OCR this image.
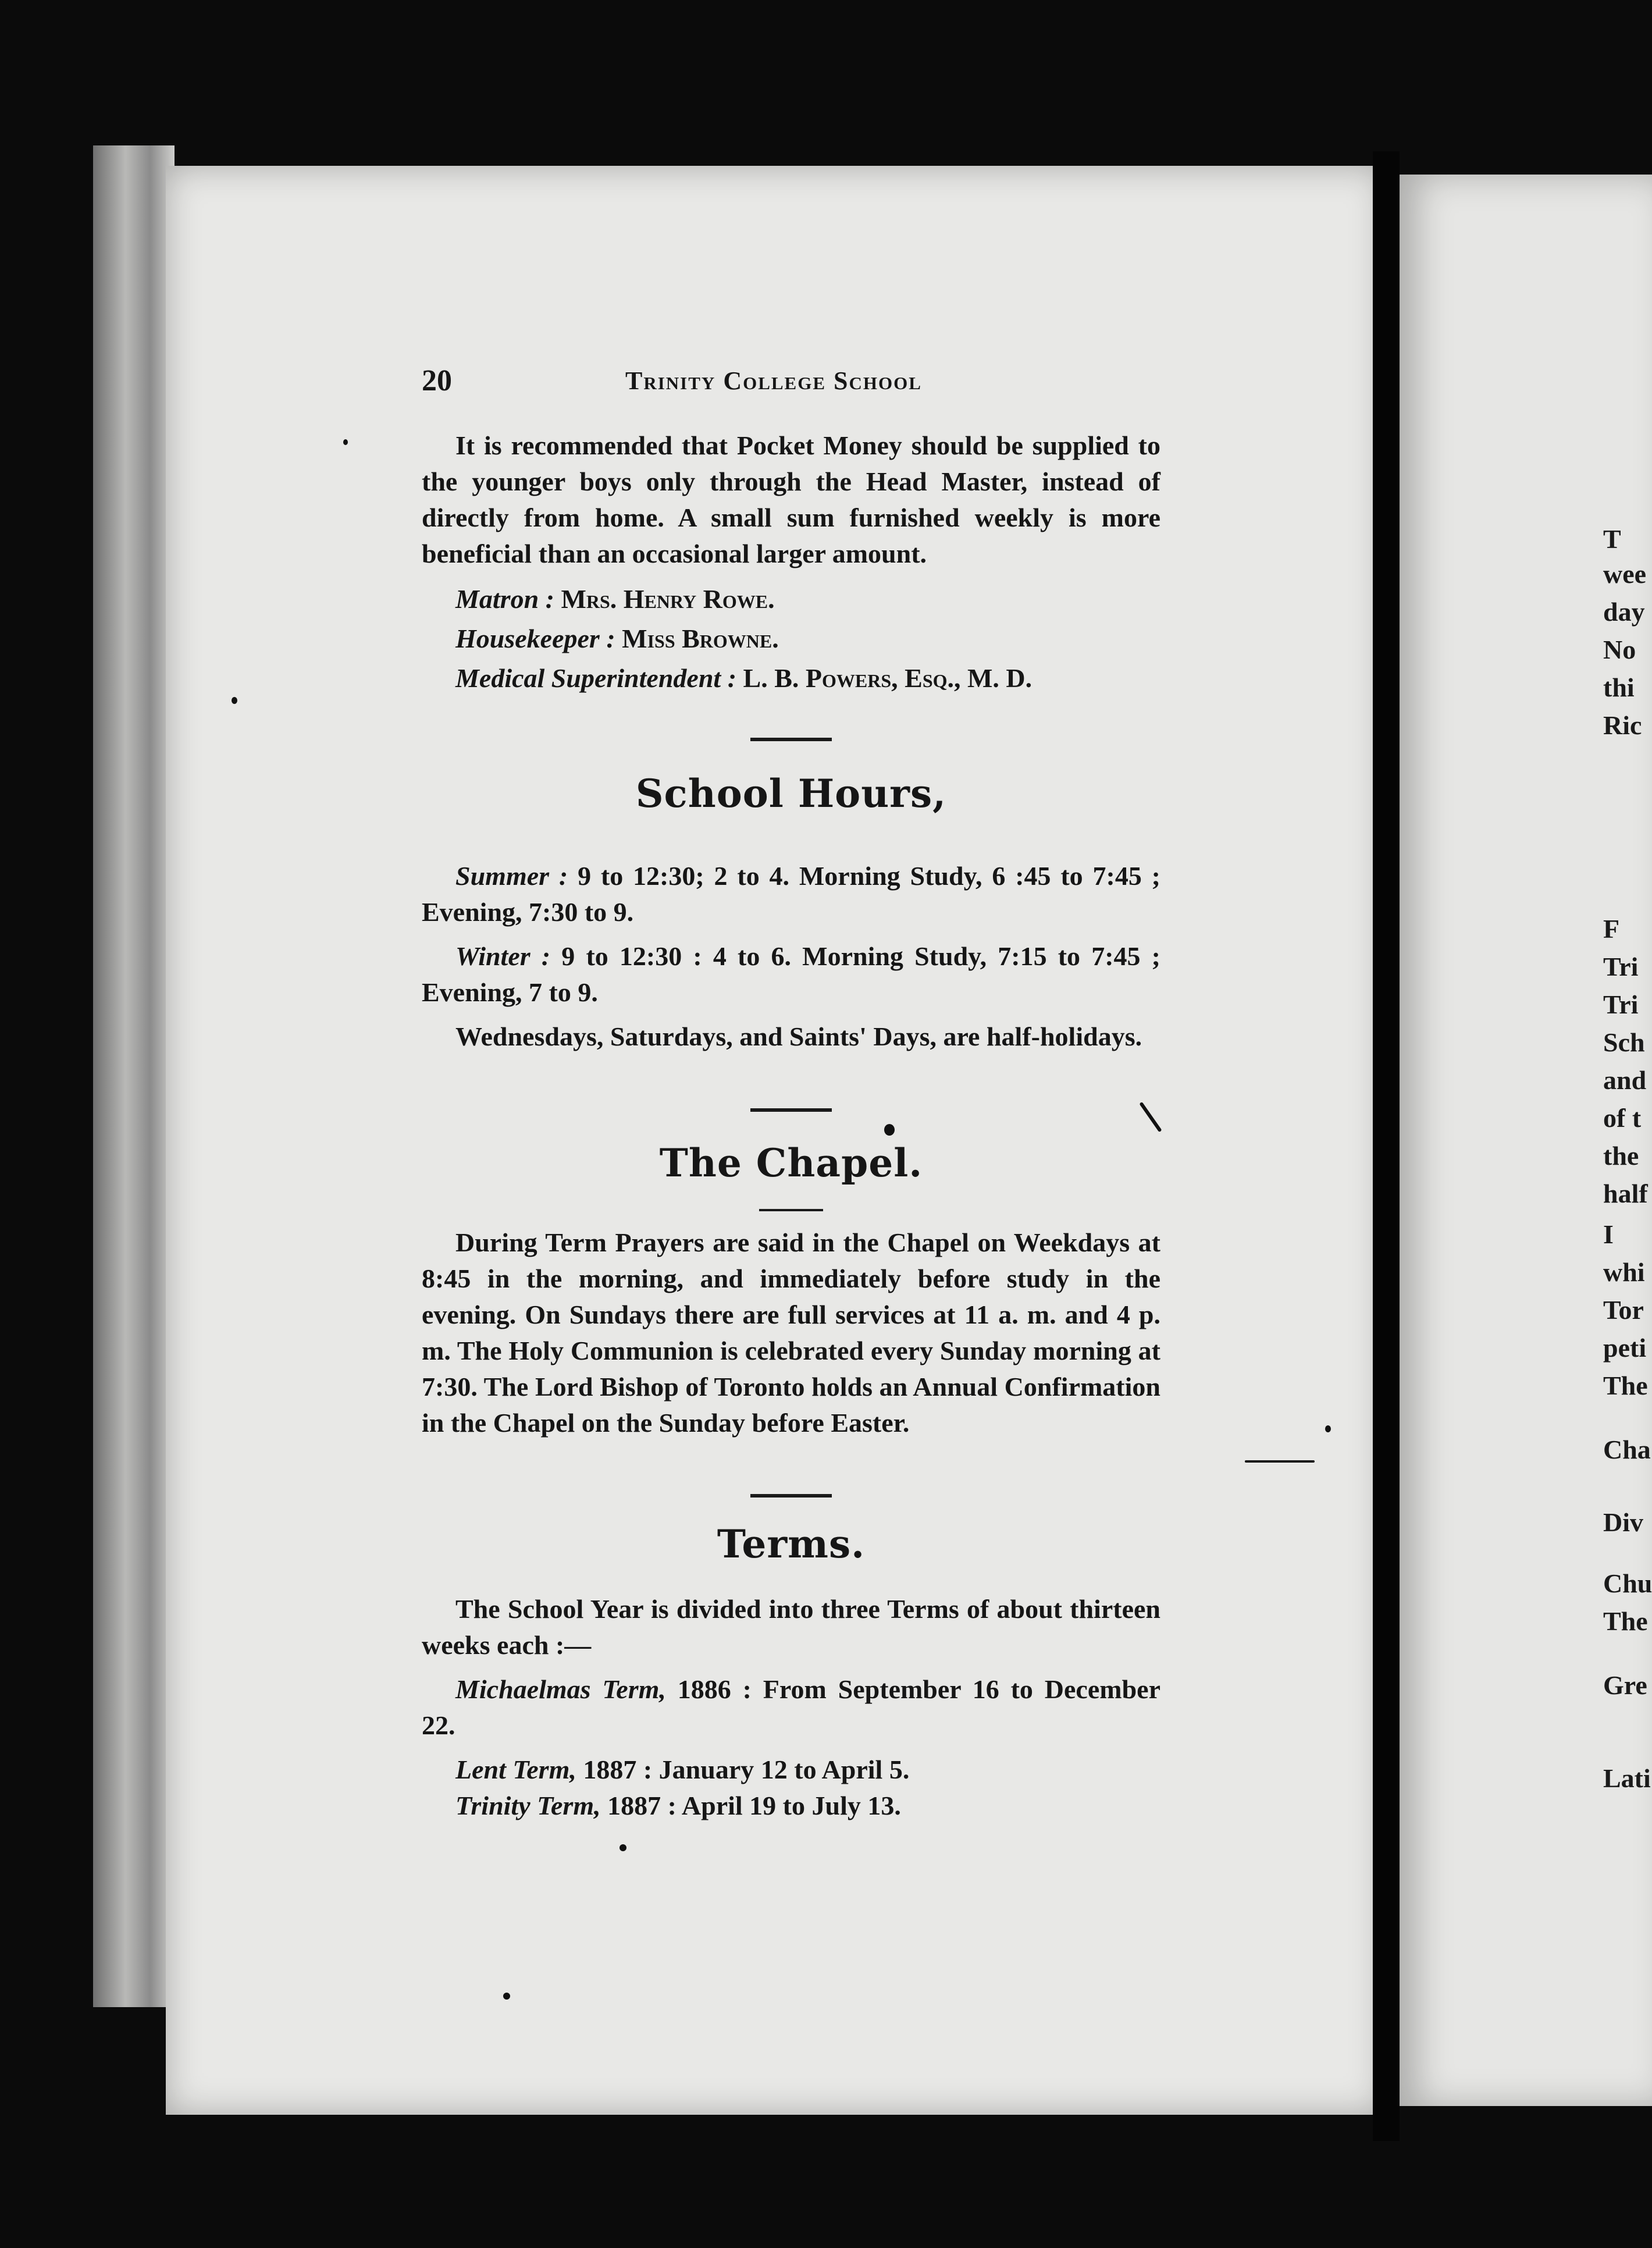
T
wee
day
No
thi
Ric
F
Tri
Tri
Sch
and
of t
the
half
I
whi
Tor
peti
The
Cha
Div
Chu
The
Gre
Lati
20	Trinity College School

It is recommended that Pocket Money should be supplied to the younger boys only through the Head Master, instead of directly from home. A small sum furnished weekly is more beneficial than an occasional larger amount.

Matron : Mrs. Henry Rowe.

Housekeeper : Miss Browne.

Medical Superintendent : L. B. Powers, Esq., M. D.

School Hours,

Summer : 9 to 12:30; 2 to 4. Morning Study, 6 :45 to 7:45 ; Evening, 7:30 to 9.

Winter : 9 to 12:30 : 4 to 6. Morning Study, 7:15 to 7:45 ; Evening, 7 to 9.

Wednesdays, Saturdays, and Saints' Days, are half-holidays.

The Chapel.

During Term Prayers are said in the Chapel on Weekdays at 8:45 in the morning, and immediately before study in the evening. On Sundays there are full services at 11 a. m. and 4 p. m. The Holy Communion is celebrated every Sunday morning at 7:30. The Lord Bishop of Toronto holds an Annual Confirmation in the Chapel on the Sunday before Easter.

Terms.

The School Year is divided into three Terms of about thirteen weeks each :—

Michaelmas Term, 1886 : From September 16 to December 22.

Lent Term, 1887 : January 12 to April 5.

Trinity Term, 1887 : April 19 to July 13.
